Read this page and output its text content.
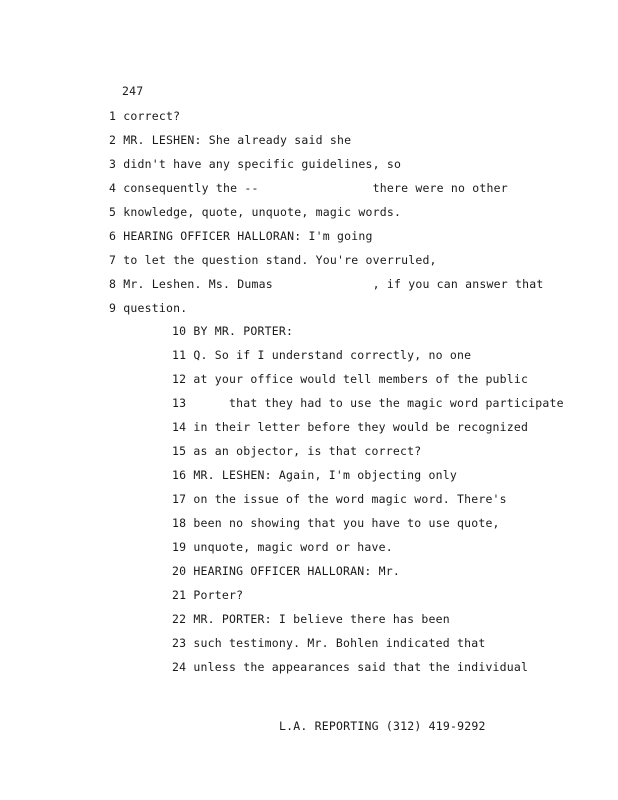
247
1 correct?
2 MR. LESHEN: She already said she
3 didn't have any specific guidelines, so
4 consequently the --                there were no other
5 knowledge, quote, unquote, magic words.
6 HEARING OFFICER HALLORAN: I'm going
7 to let the question stand. You're overruled,
8 Mr. Leshen. Ms. Dumas              , if you can answer that
9 question.
10 BY MR. PORTER:
11 Q. So if I understand correctly, no one
12 at your office would tell members of the public
13      that they had to use the magic word participate
14 in their letter before they would be recognized
15 as an objector, is that correct?
16 MR. LESHEN: Again, I'm objecting only
17 on the issue of the word magic word. There's
18 been no showing that you have to use quote,
19 unquote, magic word or have.
20 HEARING OFFICER HALLORAN: Mr.
21 Porter?
22 MR. PORTER: I believe there has been
23 such testimony. Mr. Bohlen indicated that
24 unless the appearances said that the individual
L.A. REPORTING (312) 419-9292
